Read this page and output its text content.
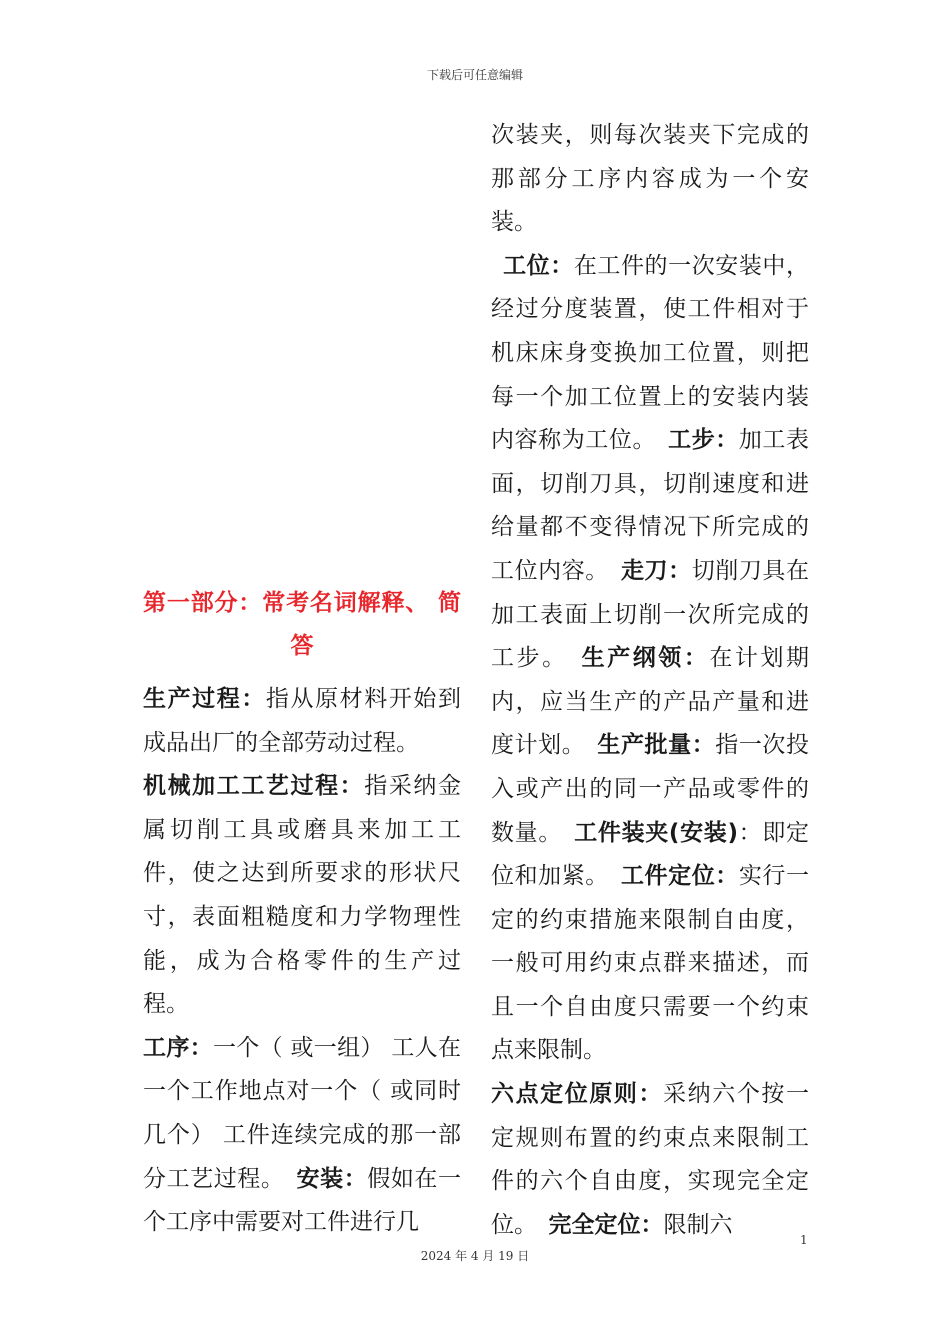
下载后可任意编辑

第一部分：常考名词解释、 简答

生产过程：指从原材料开始到成品出厂的全部劳动过程。

机械加工工艺过程：指采纳金属切削工具或磨具来加工工件，使之达到所要求的形状尺寸，表面粗糙度和力学物理性能，成为合格零件的生产过程。

工序：一个（ 或一组） 工人在一个工作地点对一个（ 或同时几个） 工件连续完成的那一部分工艺过程。　 安装：假如在一个工序中需要对工件进行几

次装夹，则每次装夹下完成的那部分工序内容成为一个安装。

 工位：在工件的一次安装中，经过分度装置，使工件相对于机床床身变换加工位置，则把每一个加工位置上的安装内装内容称为工位。　 工步：加工表面，切削刀具，切削速度和进给量都不变得情况下所完成的工位内容。　 走刀：切削刀具在加工表面上切削一次所完成的工步。　 生产纲领：在计划期内，应当生产的产品产量和进度计划。　 生产批量：指一次投入或产出的同一产品或零件的数量。　 工件装夹(安装)：即定位和加紧。　 工件定位：实行一定的约束措施来限制自由度，一般可用约束点群来描述，而且一个自由度只需要一个约束点来限制。

六点定位原则：采纳六个按一定规则布置的约束点来限制工件的六个自由度，实现完全定位。　 完全定位：限制六

1
2024 年 4 月 19 日
